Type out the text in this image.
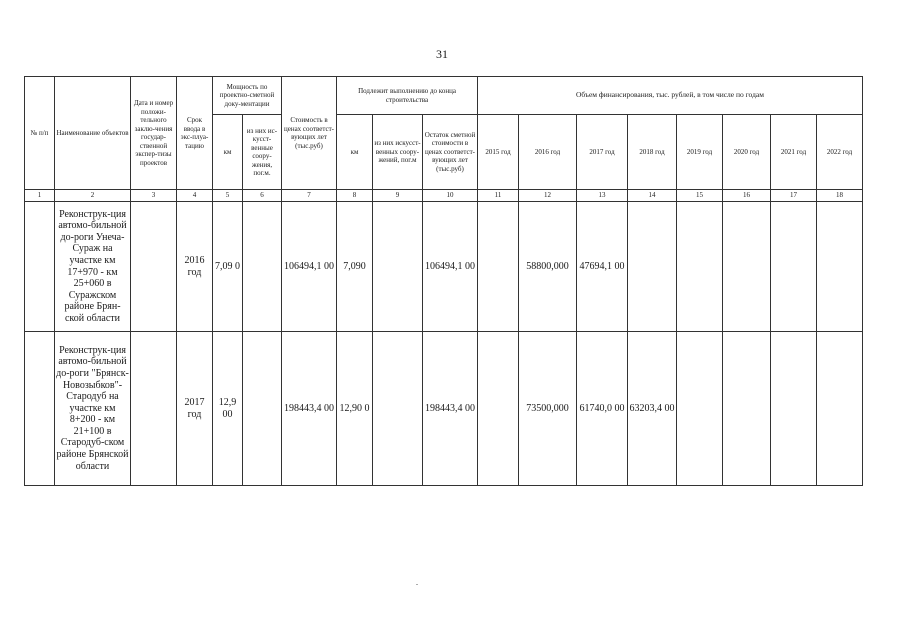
31
№ п/п	Наименование объектов	Дата и номер положи-тельного заклю-чения государ-ственной экспер-тизы проектов	Срок ввода в экс-плуа-тацию	Мощность по проектно-сметной доку-ментации		Стоимость в ценах соответст-вующих лет (тыс.руб)	Подлежит выполнению до конца строительства			Объем финансирования, тыс. рублей, в том числе по годам							
				км	из них ис-кусст-венные соору-жения, пог.м.		км	из них искусст-венных соору-жений, пог.м	Остаток сметной стоимости в ценах соответст-вующих лет (тыс.руб)	2015 год	2016 год	2017 год	2018 год	2019 год	2020 год	2021 год	2022 год
1	2	3	4	5	6	7	8	9	10	11	12	13	14	15	16	17	18
	Реконструк-ция автомо-бильной до-роги Унеча-Сураж на участке км 17+970 - км 25+060 в Суражском районе Брян-ской области		2016 год	7,09 0		106494,1 00	7,090		106494,1 00		58800,000	47694,1 00					
	Реконструк-ция автомо-бильной до-роги "Брянск-Новозыбков"-Стародуб на участке км 8+200 - км 21+100 в Стародуб-ском районе Брянской области		2017 год	12,9 00		198443,4 00	12,90 0		198443,4 00		73500,000	61740,0 00	63203,4 00				
.
